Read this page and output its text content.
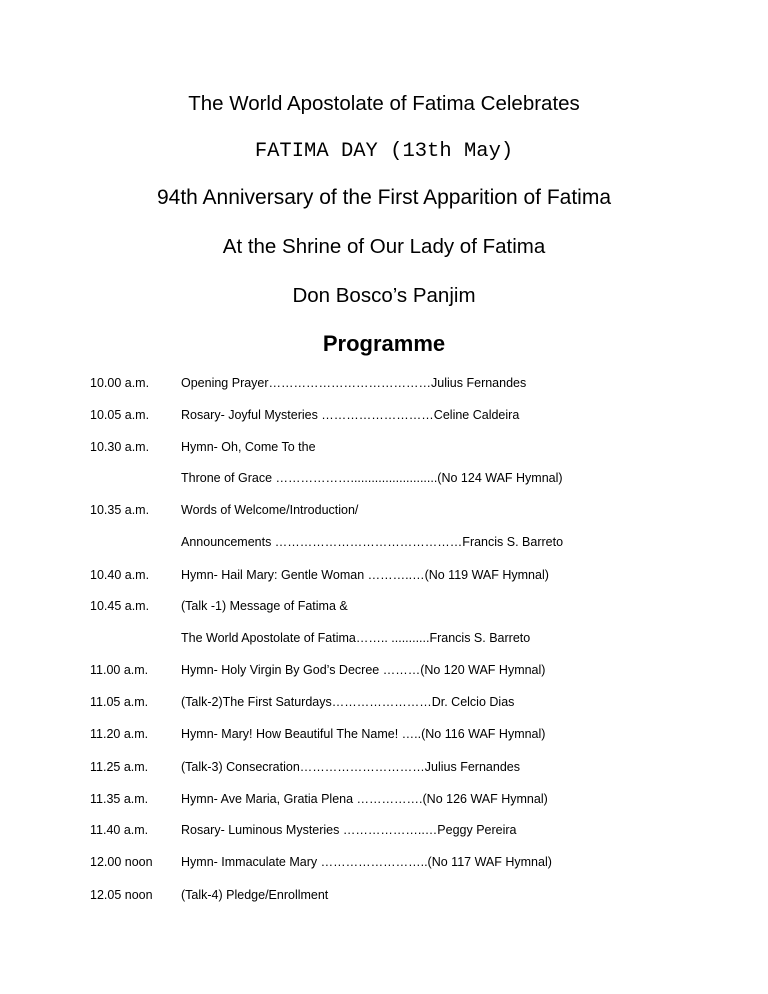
The World Apostolate of Fatima Celebrates
FATIMA DAY (13th May)
94th Anniversary of the First Apparition of Fatima
At the Shrine of Our Lady of Fatima
Don Bosco’s Panjim
Programme
10.00 a.m.	Opening Prayer…………………………………Julius Fernandes
10.05 a.m.	Rosary- Joyful Mysteries ………………………Celine Caldeira
10.30 a.m.	Hymn- Oh, Come To the
Throne of Grace ……………….........................(No 124 WAF Hymnal)
10.35 a.m.	Words of Welcome/Introduction/
Announcements ………………………………………Francis S. Barreto
10.40 a.m.	Hymn- Hail Mary: Gentle Woman ………..…(No 119 WAF Hymnal)
10.45 a.m.	(Talk -1) Message of Fatima &
The World Apostolate of Fatima…….. ...........Francis S. Barreto
11.00 a.m.	Hymn- Holy Virgin By God’s Decree ………(No 120 WAF Hymnal)
11.05 a.m.	(Talk-2)The First Saturdays……………………Dr. Celcio Dias
11.20 a.m.	Hymn- Mary! How Beautiful The Name! …..(No 116 WAF Hymnal)
11.25 a.m.	(Talk-3) Consecration…………………………Julius Fernandes
11.35 a.m.	Hymn- Ave Maria, Gratia Plena …………….(No 126 WAF Hymnal)
11.40 a.m.	Rosary- Luminous Mysteries ………………..…Peggy Pereira
12.00 noon Hymn- Immaculate Mary ……………………..(No 117 WAF Hymnal)
12.05 noon (Talk-4) Pledge/Enrollment
